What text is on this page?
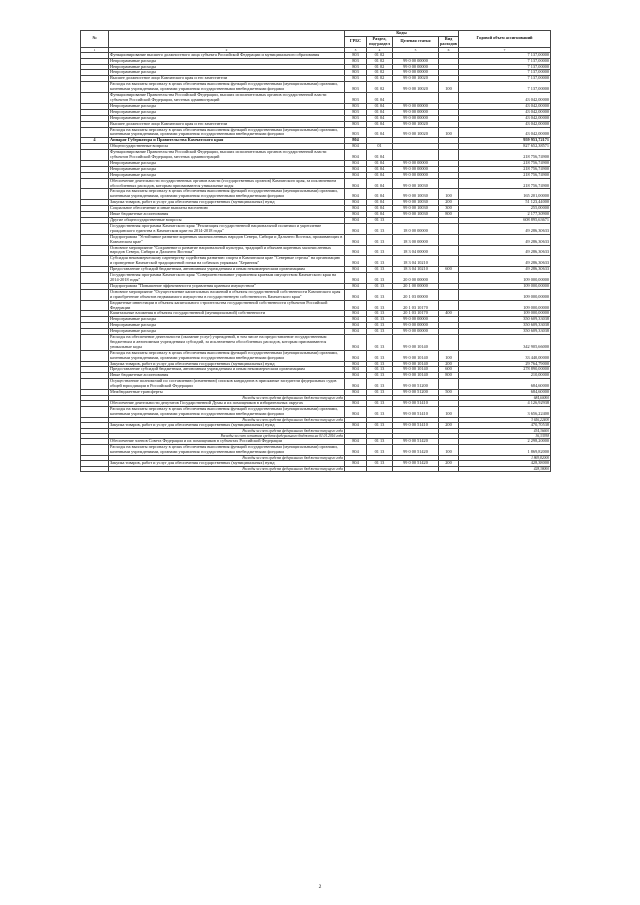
№		Коды				Годовой объем ассигнований
		ГРБС	Раздел, под-раздел	Целевая статья	Вид расходов	
1	2	3	4	5	6	7
	Функционирование высшего должностного лица субъекта Российской Федерации и муниципального образования	803	01 02			7 137,00000
	Непрограммные расходы	803	01 02	99 0 00 00000		7 137,00000
	Непрограммные расходы	803	01 02	99 0 00 00000		7 137,00000
	Непрограммные расходы	803	01 02	99 0 00 00000		7 137,00000
	Высшее должностное лицо Камчатского края и его заместители	803	01 02	99 0 00 10020		7 137,00000
	Расходы на выплаты персоналу в целях обеспечения выполнения функций государственными (муниципальными) органами, казенными учреждениями, органами управления государственными внебюджетными фондами	803	01 02	99 0 00 10020	100	7 137,00000
	Функционирование Правительства Российской Федерации, высших исполнительных органов государственной власти субъектов Российской Федерации, местных администраций	803	01 04			43 042,00000
	Непрограммные расходы	803	01 04	99 0 00 00000		43 042,00000
	Непрограммные расходы	803	01 04	99 0 00 00000		43 042,00000
	Непрограммные расходы	803	01 04	99 0 00 00000		43 042,00000
	Высшее должностное лицо Камчатского края и его заместители	803	01 04	99 0 00 10020		43 042,00000
	Расходы на выплаты персоналу в целях обеспечения выполнения функций государственными (муниципальными) органами, казенными учреждениями, органами управления государственными внебюджетными фондами	803	01 04	99 0 00 10020	100	43 042,00000
4	Аппарат Губернатора и Правительства Камчатского края	804				959 953,72171
	Общегосударственные вопросы	804	01			827 652,38571
	Функционирование Правительства Российской Федерации, высших исполнительных органов государственной власти субъектов Российской Федерации, местных администраций	804	01 04			218 756,74900
	Непрограммные расходы	804	01 04	99 0 00 00000		218 756,74900
	Непрограммные расходы	804	01 04	99 0 00 00000		218 756,74900
	Непрограммные расходы	804	01 04	99 0 00 00000		218 756,74900
	Обеспечение деятельности государственных органов власти (государственных органов) Камчатского края, за исключением обособленных расходов, которым присваиваются уникальные коды	804	01 04	99 0 00 10030		218 756,74900
	Расходы на выплаты персоналу в целях обеспечения выполнения функций государственными (муниципальными) органами, казенными учреждениями, органами управления государственными внебюджетными фондами	804	01 04	99 0 00 10030	100	165 201,00000
	Закупка товаров, работ и услуг для обеспечения государственных (муниципальных) нужд	804	01 04	99 0 00 10030	200	51 123,44000
	Социальное обеспечение и иные выплаты населению	804	01 04	99 0 00 10030	300	255,00000
	Иные бюджетные ассигнования	804	01 04	99 0 00 10030	800	2 177,30900
	Другие общегосударственные вопросы	804	01 13			608 895,63671
	Государственная программа Камчатского края "Реализация государственной национальной политики и укрепление гражданского единства в Камчатском крае на 2014-2018 годы"	804	01 13	18 0 00 00000		49 286,30633
	Подпрограмма "Устойчивое развитие коренных малочисленных народов Севера, Сибири и Дальнего Востока, проживающих в Камчатском крае"	804	01 13	18 3 00 00000		49 286,30633
	Основное мероприятие "Сохранение и развитие национальной культуры, традиций и обычаев коренных малочисленных народов Севера, Сибири и Дальнего Востока"	804	01 13	18 3 04 00000		49 286,30633
	Субсидия некоммерческому партнерству содействия развитию спорта в Камчатском крае "Северные стрелы" на организацию и проведение Камчатской традиционной гонки на собачьих упряжках "Берингия"	804	01 13	18 3 04 10210		49 286,30633
	Предоставление субсидий бюджетным, автономным учреждениям и иным некоммерческим организациям	804	01 13	18 3 04 10210	600	49 286,30633
	Государственная программа Камчатского края "Совершенствование управления краевым имуществом Камчатского края на 2014-2018 годы"	804	01 13	20 0 00 00000		109 000,00000
	Подпрограмма "Повышение эффективности управления краевым имуществом"	804	01 13	20 1 00 00000		109 000,00000
	Основное мероприятие "Осуществление капитальных вложений в объекты государственной собственности Камчатского края и приобретение объектов недвижимого имущества в государственную собственность Камчатского края"	804	01 13	20 1 03 00000		109 000,00000
	Бюджетные инвестиции в объекты капитального строительства государственной собственности субъектов Российской Федерации	804	01 13	20 1 03 10170		109 000,00000
	Капитальные вложения в объекты государственной (муниципальной) собственности	804	01 13	20 1 03 10170	400	109 000,00000
	Непрограммные расходы	804	01 13	99 0 00 00000		350 609,33038
	Непрограммные расходы	804	01 13	99 0 00 00000		350 609,33038
	Непрограммные расходы	804	01 13	99 0 00 00000		350 609,33038
	Расходы на обеспечение деятельности (оказание услуг) учреждений, в том числе на предоставление государственным бюджетным и автономным учреждениям субсидий, за исключением обособленных расходов, которым присваиваются уникальные коды	804	01 13	99 0 00 10140		342 905,66000
	Расходы на выплаты персоналу в целях обеспечения выполнения функций государственными (муниципальными) органами, казенными учреждениями, органами управления государственными внебюджетными фондами	804	01 13	99 0 00 10140	100	33 440,00000
	Закупка товаров, работ и услуг для обеспечения государственных (муниципальных) нужд	804	01 13	99 0 00 10140	200	29 764,79000
	Предоставление субсидий бюджетным, автономным учреждениям и иным некоммерческим организациям	804	01 13	99 0 00 10140	600	278 890,00000
	Иные бюджетные ассигнования	804	01 13	99 0 00 10140	800	210,00000
	Осуществление полномочий по составлению (изменению) списков кандидатов в присяжные заседатели федеральных судов общей юрисдикции в Российской Федерации	804	01 13	99 0 00 51200		684,60000
	Межбюджетные трансферты	804	01 13	99 0 00 51200	500	684,60000
	Расходы за счет средств федерального бюджета текущего года					684,60000
	Обеспечение деятельности депутатов Государственной Думы и их помощников в избирательных округах	804	01 13	99 0 00 51410		4 126,92938
	Расходы на выплаты персоналу в целях обеспечения выполнения функций государственными (муниципальными) органами, казенными учреждениями, органами управления государственными внебюджетными фондами	804	01 13	99 0 00 51410	100	3 656,22400
	Расходы за счет средств федерального бюджета текущего года					3 656,22400
	Закупка товаров, работ и услуг для обеспечения государственных (муниципальных) нужд	804	01 13	99 0 00 51410	200	470,70538
	Расходы за счет средств федерального бюджета текущего года					434,36600
	Расходы за счет остатков средств федерального бюджета на 01.01.2016 года					36,33938
	Обеспечение членов Совета Федерации и их помощников в субъектах Российской Федерации	804	01 13	99 0 00 51420		2 298,20000
	Расходы на выплаты персоналу в целях обеспечения выполнения функций государственными (муниципальными) органами, казенными учреждениями, органами управления государственными внебюджетными фондами	804	01 13	99 0 00 51420	100	1 869,82000
	Расходы за счет средств федерального бюджета текущего года					1 869,82000
	Закупка товаров, работ и услуг для обеспечения государственных (муниципальных) нужд	804	01 13	99 0 00 51420	200	428,38000
	Расходы за счет средств федерального бюджета текущего года					428,38000
2
